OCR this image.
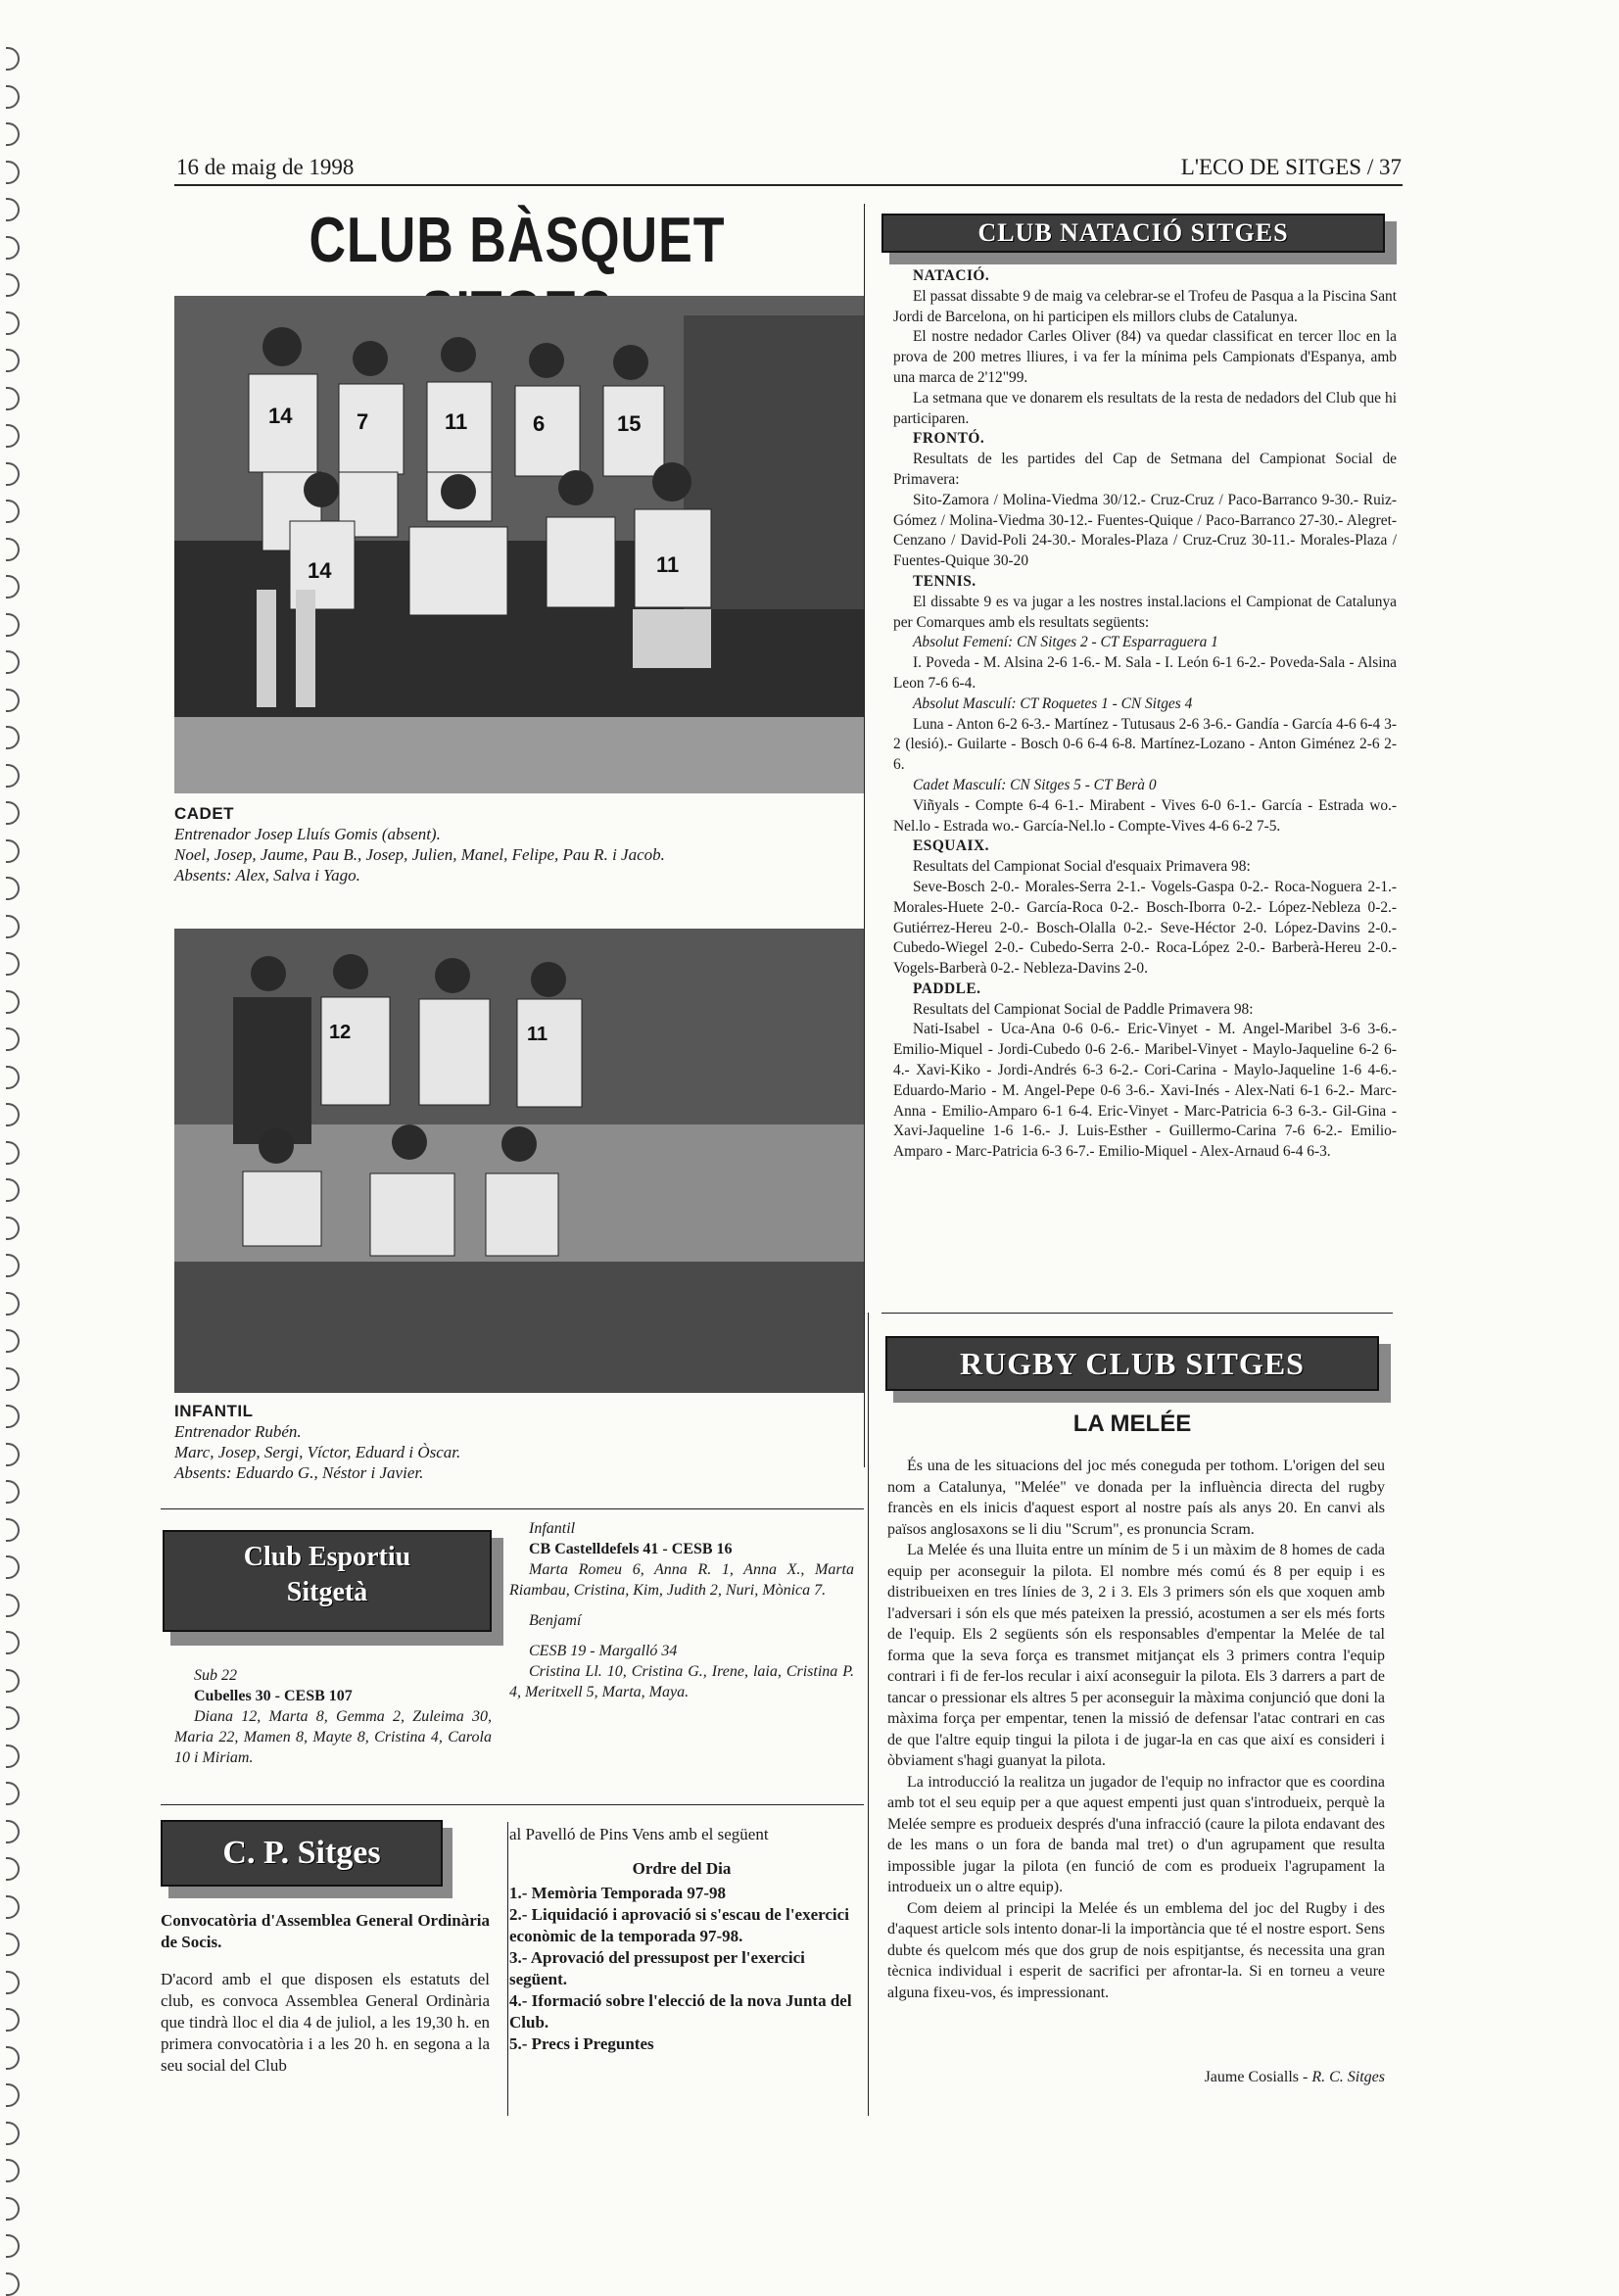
16 de maig de 1998	L'ECO DE SITGES / 37
CLUB BÀSQUET
14	7	11	6	15
14	11
CADET
Entrenador Josep Lluís Gomis (absent).
Noel, Josep, Jaume, Pau B., Josep, Julien, Manel, Felipe, Pau R. i Jacob.
Absents: Alex, Salva i Yago.
12	11
INFANTIL
Entrenador Rubén.
Marc, Josep, Sergi, Víctor, Eduard i Òscar.
Absents: Eduardo G., Néstor i Javier.
Club Esportiu
Sitgetà
Sub 22
Cubelles 30 - CESB 107
Diana 12, Marta 8, Gemma 2, Zuleima 30, Maria 22, Mamen 8, Mayte 8, Cristina 4, Carola 10 i Miriam.
Infantil
CB Castelldefels 41 - CESB 16
Marta Romeu 6, Anna R. 1, Anna X., Marta Riambau, Cristina, Kim, Judith 2, Nuri, Mònica 7.
Benjamí
CESB 19 - Margalló 34
Cristina Ll. 10, Cristina G., Irene, laia, Cristina P. 4, Meritxell 5, Marta, Maya.
C. P. Sitges
Convocatòria d'Assemblea General Ordinària de Socis.
D'acord amb el que disposen els estatuts del club, es convoca Assemblea General Ordinària que tindrà lloc el dia 4 de juliol, a les 19,30 h. en primera convocatòria i a les 20 h. en segona a la seu social del Club
al Pavelló de Pins Vens amb el següent
Ordre del Dia
1.- Memòria Temporada 97-98
2.- Liquidació i aprovació si s'escau de l'exercici econòmic de la temporada 97-98.
3.- Aprovació del pressupost per l'exercici següent.
4.- Iformació sobre l'elecció de la nova Junta del Club.
5.- Precs i Preguntes
CLUB NATACIÓ SITGES

NATACIÓ.

El passat dissabte 9 de maig va celebrar-se el Trofeu de Pasqua a la Piscina Sant Jordi de Barcelona, on hi participen els millors clubs de Catalunya.

El nostre nedador Carles Oliver (84) va quedar classificat en tercer lloc en la prova de 200 metres lliures, i va fer la mínima pels Campionats d'Espanya, amb una marca de 2'12"99.

La setmana que ve donarem els resultats de la resta de nedadors del Club que hi participaren.

FRONTÓ.

Resultats de les partides del Cap de Setmana del Campionat Social de Primavera:

Sito-Zamora / Molina-Viedma 30/12.- Cruz-Cruz / Paco-Barranco 9-30.- Ruiz-Gómez / Molina-Viedma 30-12.- Fuentes-Quique / Paco-Barranco 27-30.- Alegret-Cenzano / David-Poli 24-30.- Morales-Plaza / Cruz-Cruz 30-11.- Morales-Plaza / Fuentes-Quique 30-20

TENNIS.

El dissabte 9 es va jugar a les nostres instal.lacions el Campionat de Catalunya per Comarques amb els resultats següents:

Absolut Femení: CN Sitges 2 - CT Esparraguera 1

I. Poveda - M. Alsina 2-6 1-6.- M. Sala - I. León 6-1 6-2.- Poveda-Sala - Alsina Leon 7-6 6-4.

Absolut Masculí: CT Roquetes 1 - CN Sitges 4

Luna - Anton 6-2 6-3.- Martínez - Tutusaus 2-6 3-6.- Gandía - García 4-6 6-4 3-2 (lesió).- Guilarte - Bosch 0-6 6-4 6-8. Martínez-Lozano - Anton Giménez 2-6 2-6.

Cadet Masculí: CN Sitges 5 - CT Berà 0

Viñyals - Compte 6-4 6-1.- Mirabent - Vives 6-0 6-1.- García - Estrada wo.- Nel.lo - Estrada wo.- García-Nel.lo - Compte-Vives 4-6 6-2 7-5.

ESQUAIX.

Resultats del Campionat Social d'esquaix Primavera 98:

Seve-Bosch 2-0.- Morales-Serra 2-1.- Vogels-Gaspa 0-2.- Roca-Noguera 2-1.- Morales-Huete 2-0.- García-Roca 0-2.- Bosch-Iborra 0-2.- López-Nebleza 0-2.- Gutiérrez-Hereu 2-0.- Bosch-Olalla 0-2.- Seve-Héctor 2-0. López-Davins 2-0.- Cubedo-Wiegel 2-0.- Cubedo-Serra 2-0.- Roca-López 2-0.- Barberà-Hereu 2-0.- Vogels-Barberà 0-2.- Nebleza-Davins 2-0.

PADDLE.

Resultats del Campionat Social de Paddle Primavera 98:

Nati-Isabel - Uca-Ana 0-6 0-6.- Eric-Vinyet - M. Angel-Maribel 3-6 3-6.- Emilio-Miquel - Jordi-Cubedo 0-6 2-6.- Maribel-Vinyet - Maylo-Jaqueline 6-2 6-4.- Xavi-Kiko - Jordi-Andrés 6-3 6-2.- Cori-Carina - Maylo-Jaqueline 1-6 4-6.- Eduardo-Mario - M. Angel-Pepe 0-6 3-6.- Xavi-Inés - Alex-Nati 6-1 6-2.- Marc-Anna - Emilio-Amparo 6-1 6-4. Eric-Vinyet - Marc-Patricia 6-3 6-3.- Gil-Gina - Xavi-Jaqueline 1-6 1-6.- J. Luis-Esther - Guillermo-Carina 7-6 6-2.- Emilio-Amparo - Marc-Patricia 6-3 6-7.- Emilio-Miquel - Alex-Arnaud 6-4 6-3.

RUGBY CLUB SITGES
LA MELÉE

És una de les situacions del joc més coneguda per tothom. L'origen del seu nom a Catalunya, "Melée" ve donada per la influència directa del rugby francès en els inicis d'aquest esport al nostre país als anys 20. En canvi als països anglosaxons se li diu "Scrum", es pronuncia Scram.

La Melée és una lluita entre un mínim de 5 i un màxim de 8 homes de cada equip per aconseguir la pilota. El nombre més comú és 8 per equip i es distribueixen en tres línies de 3, 2 i 3. Els 3 primers són els que xoquen amb l'adversari i són els que més pateixen la pressió, acostumen a ser els més forts de l'equip. Els 2 següents són els responsables d'empentar la Melée de tal forma que la seva força es transmet mitjançat els 3 primers contra l'equip contrari i fi de fer-los recular i així aconseguir la pilota. Els 3 darrers a part de tancar o pressionar els altres 5 per aconseguir la màxima conjunció que doni la màxima força per empentar, tenen la missió de defensar l'atac contrari en cas de que l'altre equip tingui la pilota i de jugar-la en cas que així es consideri i òbviament s'hagi guanyat la pilota.

La introducció la realitza un jugador de l'equip no infractor que es coordina amb tot el seu equip per a que aquest empenti just quan s'introdueix, perquè la Melée sempre es produeix després d'una infracció (caure la pilota endavant des de les mans o un fora de banda mal tret) o d'un agrupament que resulta impossible jugar la pilota (en funció de com es produeix l'agrupament la introdueix un o altre equip).

Com deiem al principi la Melée és un emblema del joc del Rugby i des d'aquest article sols intento donar-li la importància que té el nostre esport. Sens dubte és quelcom més que dos grup de nois espitjantse, és necessita una gran tècnica individual i esperit de sacrifici per afrontar-la. Si en torneu a veure alguna fixeu-vos, és impressionant.

Jaume Cosialls - R. C. Sitges
